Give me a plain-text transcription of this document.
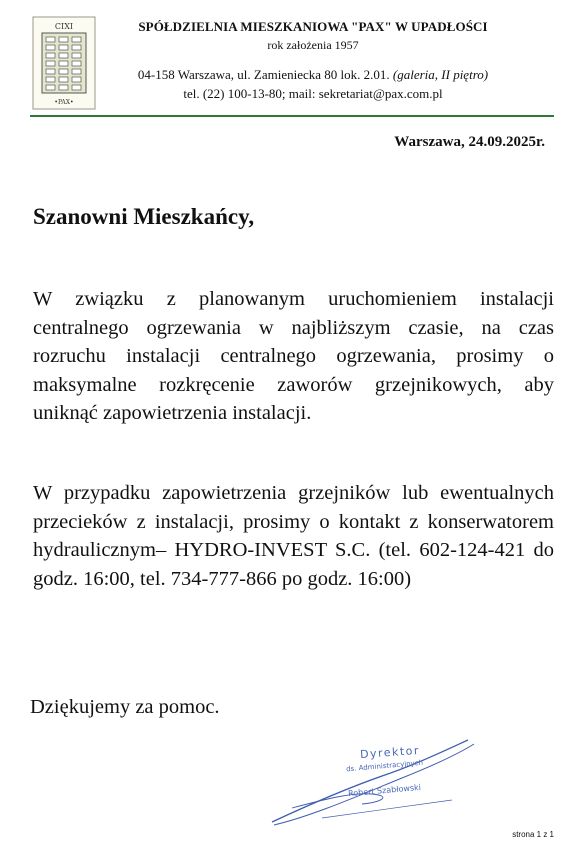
CIXI
•PAX•
SPÓŁDZIELNIA MIESZKANIOWA "PAX" W UPADŁOŚCI
rok założenia 1957
04-158 Warszawa, ul. Zamieniecka 80 lok. 2.01. (galeria, II piętro)
tel. (22) 100-13-80; mail: sekretariat@pax.com.pl
Warszawa, 24.09.2025r.
Szanowni Mieszkańcy,
W związku z planowanym uruchomieniem instalacji centralnego ogrzewania w najbliższym czasie, na czas rozruchu instalacji centralnego ogrzewania, prosimy o maksymalne rozkręcenie zaworów grzejnikowych, aby uniknąć zapowietrzenia instalacji.
W przypadku zapowietrzenia grzejników lub ewentualnych przecieków z instalacji, prosimy o kontakt z konserwatorem hydraulicznym– HYDRO-INVEST S.C. (tel. 602-124-421 do godz. 16:00, tel. 734-777-866 po godz. 16:00)
Dziękujemy za pomoc.
Dyrektor
ds. Administracyjnych
Robert Szabłowski
strona 1 z 1
